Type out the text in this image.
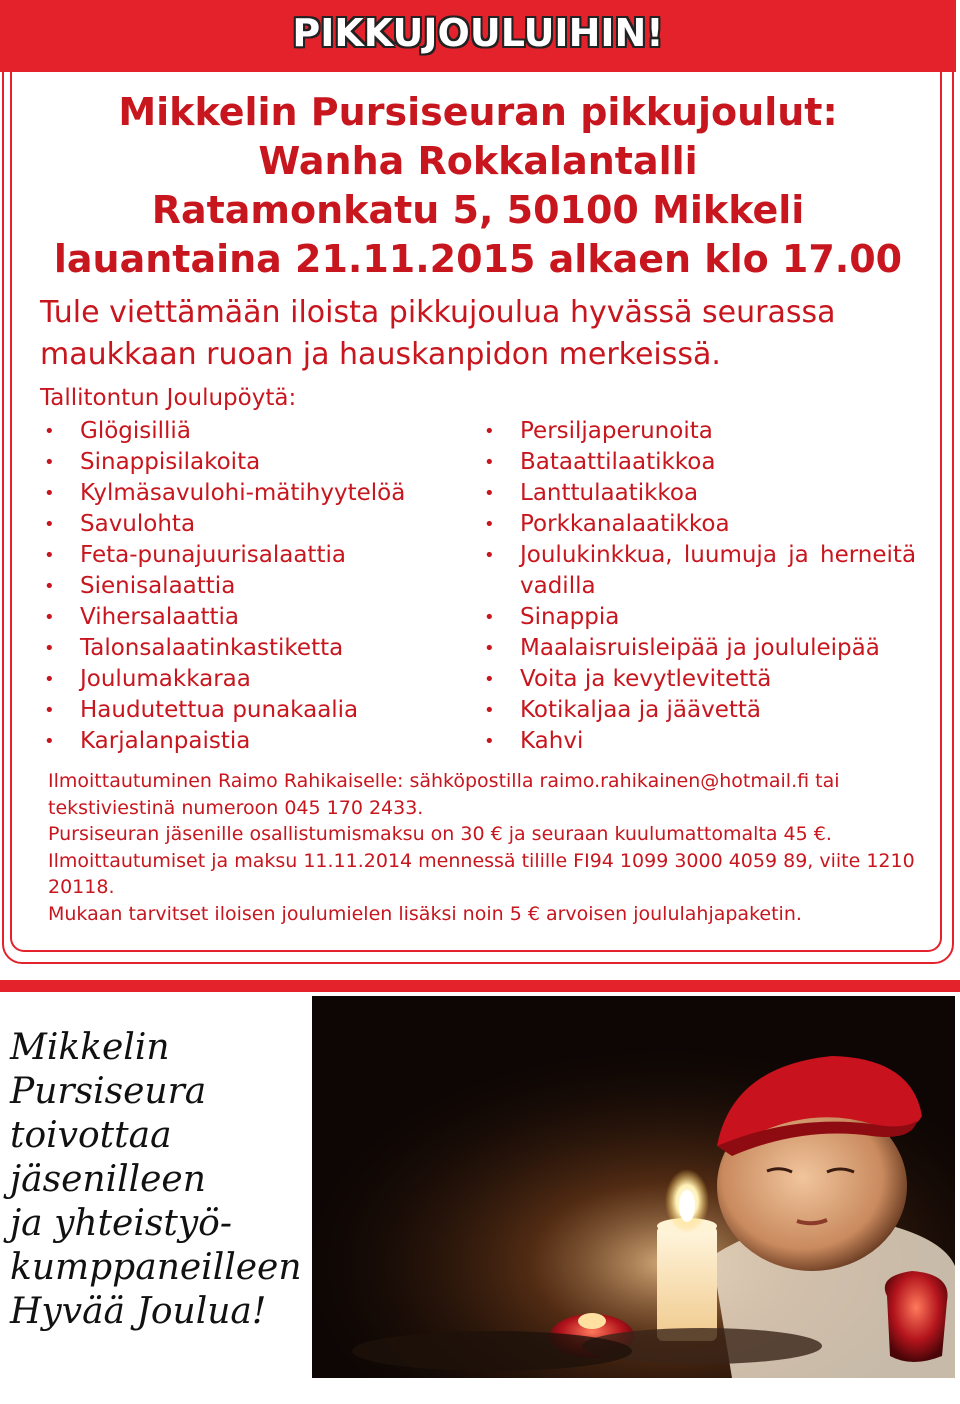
PIKKUJOULUIHIN!
Mikkelin Pursiseuran pikkujoulut:
Wanha Rokkalantalli
Ratamonkatu 5, 50100 Mikkeli
lauantaina 21.11.2015 alkaen klo 17.00
Tule viettämään iloista pikkujoulua hyvässä seurassa
maukkaan ruoan ja hauskanpidon merkeissä.
Tallitontun Joulupöytä:
• Glögisilliä
• Sinappisilakoita
• Kylmäsavulohi-mätihyytelöä
• Savulohta
• Feta-punajuurisalaattia
• Sienisalaattia
• Vihersalaattia
• Talonsalaatinkastiketta
• Joulumakkaraa
• Haudutettua punakaalia
• Karjalanpaistia
• Persiljaperunoita
• Bataattilaatikkoa
• Lanttulaatikkoa
• Porkkanalaatikkoa
• Joulukinkkua, luumuja ja herneitä vadilla
• Sinappia
• Maalaisruisleipää ja joululeipää
• Voita ja kevytlevitettä
• Kotikaljaa ja jäävettä
• Kahvi
Ilmoittautuminen Raimo Rahikaiselle: sähköpostilla raimo.rahikainen@hotmail.fi tai tekstiviestinä numeroon 045 170 2433.
Pursiseuran jäsenille osallistumismaksu on 30 € ja seuraan kuulumattomalta 45 €.
Ilmoittautumiset ja maksu 11.11.2014 mennessä tilille FI94 1099 3000 4059 89, viite 1210 20118.
Mukaan tarvitset iloisen joulumielen lisäksi noin 5 € arvoisen joululahjapaketin.
Mikkelin
Pursiseura
toivottaa
jäsenilleen
ja yhteistyö-
kumppaneilleen
Hyvää Joulua!
